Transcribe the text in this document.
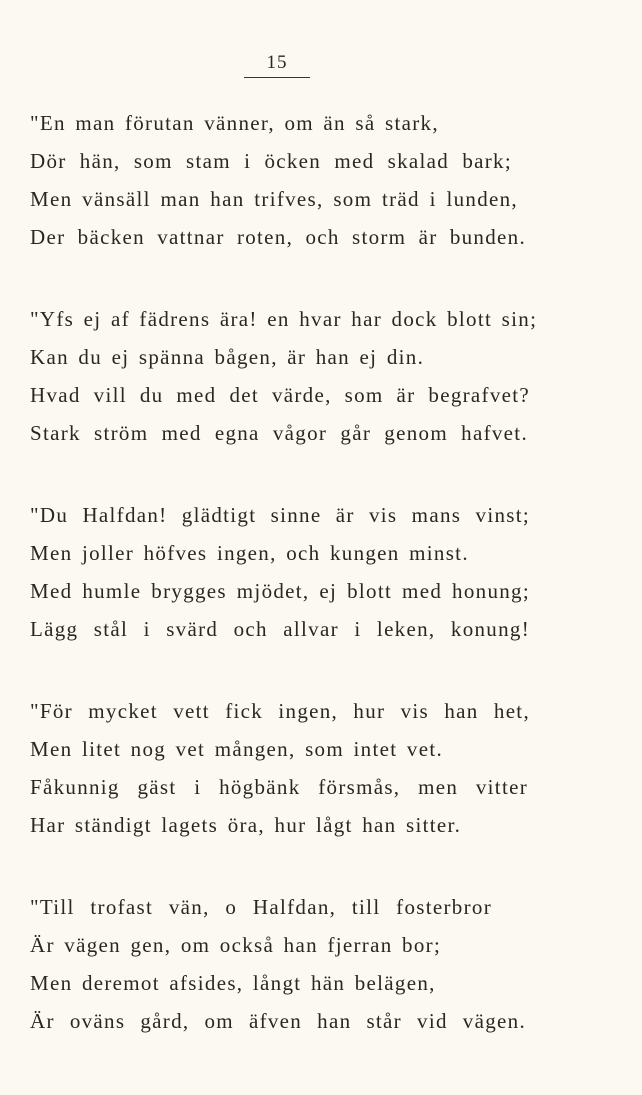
15
"En man förutan vänner, om än så stark,
Dör hän, som stam i öcken med skalad bark;
Men vänsäll man han trifves, som träd i lunden,
Der bäcken vattnar roten, och storm är bunden.
"Yfs ej af fädrens ära! en hvar har dock blott sin;
Kan du ej spänna bågen, är han ej din.
Hvad vill du med det värde, som är begrafvet?
Stark ström med egna vågor går genom hafvet.
"Du Halfdan! glädtigt sinne är vis mans vinst;
Men joller höfves ingen, och kungen minst.
Med humle brygges mjödet, ej blott med honung;
Lägg stål i svärd och allvar i leken, konung!
"För mycket vett fick ingen, hur vis han het,
Men litet nog vet mången, som intet vet.
Fåkunnig gäst i högbänk försmås, men vitter
Har ständigt lagets öra, hur lågt han sitter.
"Till trofast vän, o Halfdan, till fosterbror
Är vägen gen, om också han fjerran bor;
Men deremot afsides, långt hän belägen,
Är oväns gård, om äfven han står vid vägen.
